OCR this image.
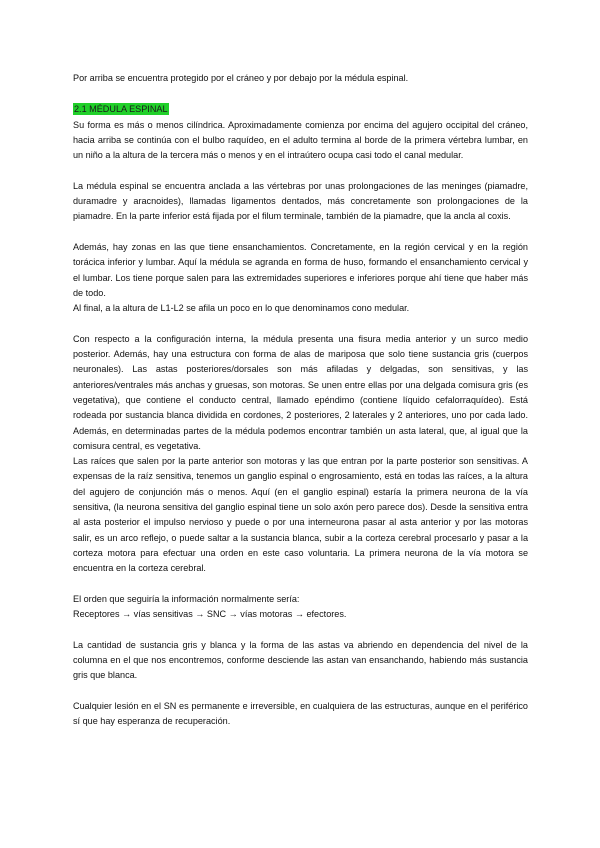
Por arriba se encuentra protegido por el cráneo y por debajo por la médula espinal.

2.1 MÉDULA ESPINAL

Su forma es más o menos cilíndrica. Aproximadamente comienza por encima del agujero occipital del cráneo, hacia arriba se continúa con el bulbo raquídeo, en el adulto termina al borde de la primera vértebra lumbar, en un niño a la altura de la tercera más o menos y en el intraútero ocupa casi todo el canal medular.

La médula espinal se encuentra anclada a las vértebras por unas prolongaciones de las meninges (piamadre, duramadre y aracnoides), llamadas ligamentos dentados, más concretamente son prolongaciones de la piamadre. En la parte inferior está fijada por el filum terminale, también de la piamadre, que la ancla al coxis.

Además, hay zonas en las que tiene ensanchamientos. Concretamente, en la región cervical y en la región torácica inferior y lumbar. Aquí la médula se agranda en forma de huso, formando el ensanchamiento cervical y el lumbar. Los tiene porque salen para las extremidades superiores e inferiores porque ahí tiene que haber más de todo.

Al final, a la altura de L1-L2 se afila un poco en lo que denominamos cono medular.

Con respecto a la configuración interna, la médula presenta una fisura media anterior y un surco medio posterior. Además, hay una estructura con forma de alas de mariposa que solo tiene sustancia gris (cuerpos neuronales). Las astas posteriores/dorsales son más afiladas y delgadas, son sensitivas, y las anteriores/ventrales más anchas y gruesas, son motoras. Se unen entre ellas por una delgada comisura gris (es vegetativa), que contiene el conducto central, llamado epéndimo (contiene líquido cefalorraquídeo). Está rodeada por sustancia blanca dividida en cordones, 2 posteriores, 2 laterales y 2 anteriores, uno por cada lado. Además, en determinadas partes de la médula podemos encontrar también un asta lateral, que, al igual que la comisura central, es vegetativa.

Las raíces que salen por la parte anterior son motoras y las que entran por la parte posterior son sensitivas. A expensas de la raíz sensitiva, tenemos un ganglio espinal o engrosamiento, está en todas las raíces, a la altura del agujero de conjunción más o menos. Aquí (en el ganglio espinal) estaría la primera neurona de la vía sensitiva, (la neurona sensitiva del ganglio espinal tiene un solo axón pero parece dos). Desde la sensitiva entra al asta posterior el impulso nervioso y puede o por una interneurona pasar al asta anterior y por las motoras salir, es un arco reflejo, o puede saltar a la sustancia blanca, subir a la corteza cerebral procesarlo y pasar a la corteza motora para efectuar una orden en este caso voluntaria. La primera neurona de la vía motora se encuentra en la corteza cerebral.

El orden que seguiría la información normalmente sería:

Receptores → vías sensitivas → SNC → vías motoras → efectores.

La cantidad de sustancia gris y blanca y la forma de las astas va abriendo en dependencia del nivel de la columna en el que nos encontremos, conforme desciende las astan van ensanchando, habiendo más sustancia gris que blanca.

Cualquier lesión en el SN es permanente e irreversible, en cualquiera de las estructuras, aunque en el periférico sí que hay esperanza de recuperación.
